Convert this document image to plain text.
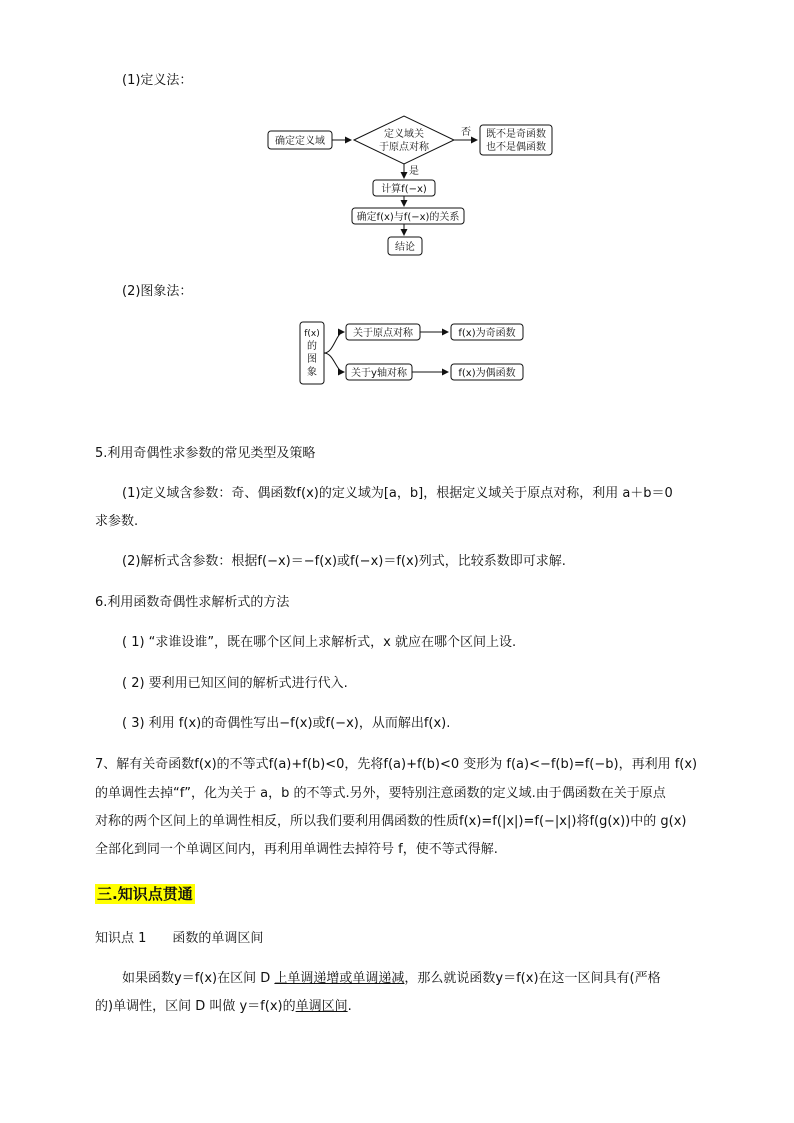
(1)定义法：
确定定义域
定义域关
于原点对称
否 既不是奇函数
也不是偶函数
是
计算f(−x)
确定f(x)与f(−x)的关系
结论
(2)图象法：
f(x)
的
图
象
关于原点对称	f(x)为奇函数
关于y轴对称	f(x)为偶函数
5.利用奇偶性求参数的常见类型及策略
(1)定义域含参数：奇、偶函数f(x)的定义域为[a，b]，根据定义域关于原点对称，利用 a＋b＝0
求参数.
(2)解析式含参数：根据f(−x)＝−f(x)或f(−x)＝f(x)列式，比较系数即可求解.
6.利用函数奇偶性求解析式的方法
( 1) “求谁设谁”，既在哪个区间上求解析式，x 就应在哪个区间上设.
( 2) 要利用已知区间的解析式进行代入.
( 3) 利用 f(x)的奇偶性写出−f(x)或f(−x)，从而解出f(x).
7、解有关奇函数f(x)的不等式f(a)+f(b)<0，先将f(a)+f(b)<0 变形为 f(a)<−f(b)=f(−b)，再利用 f(x)
的单调性去掉“f”，化为关于 a，b 的不等式.另外，要特别注意函数的定义域.由于偶函数在关于原点
对称的两个区间上的单调性相反，所以我们要利用偶函数的性质f(x)=f(|x|)=f(−|x|)将f(g(x))中的 g(x)
全部化到同一个单调区间内，再利用单调性去掉符号 f，使不等式得解.
三.知识点贯通
知识点 1　　函数的单调区间
如果函数y＝f(x)在区间 D 上单调递增或单调递减，那么就说函数y＝f(x)在这一区间具有(严格
的)单调性，区间 D 叫做 y＝f(x)的单调区间.
